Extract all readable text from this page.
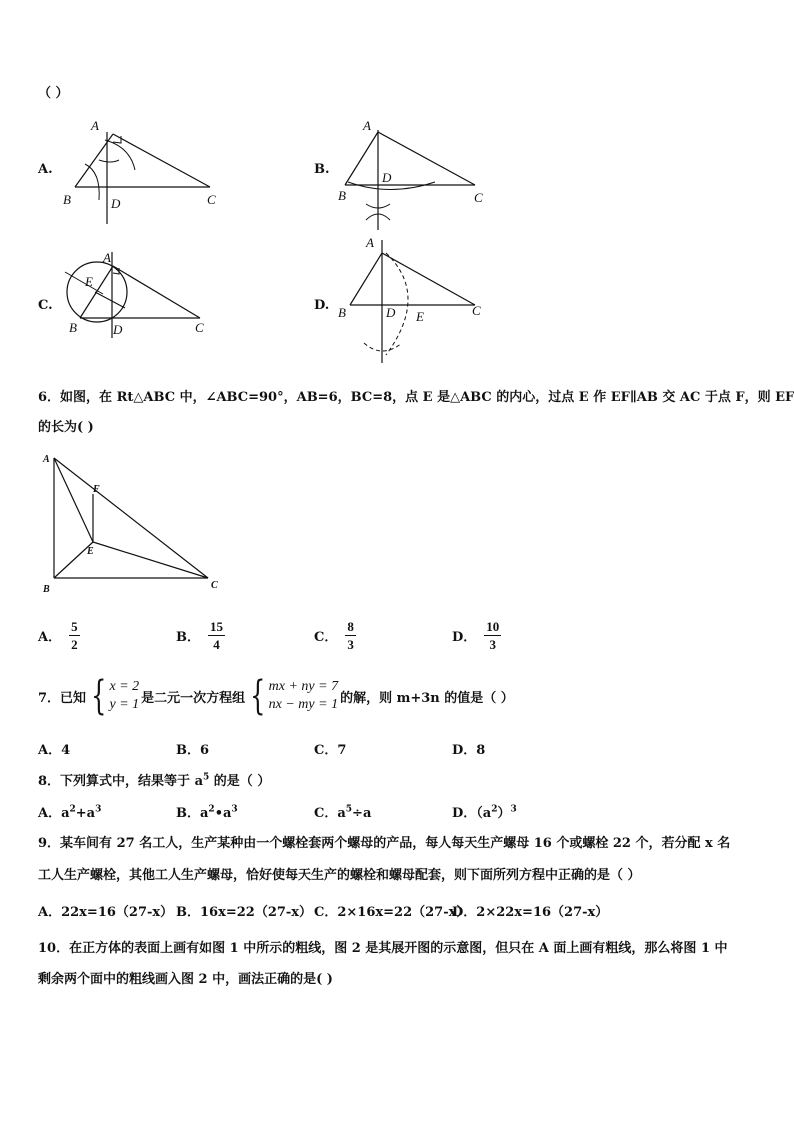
（ ）
A.
A
B	D	C
B.
A
B
D
C
C.
A
E
B	D	C
D.
A
B	D E	C
6．如图，在 Rt△ABC 中，∠ABC=90°，AB=6，BC=8，点 E 是△ABC 的内心，过点 E 作 EF∥AB 交 AC 于点 F，则 EF
的长为( )
A
F
E
B	C
A． $\frac{5}{2}$	B． $\frac{15}{4}$	C． $\frac{8}{3}$	D． $\frac{10}{3}$
7．已知 { x = 2
y = 1 是二元一次方程组 { mx + ny = 7
nx − my = 1 的解，则 m+3n 的值是（ ）
A．4	B．6	C．7	D．8
8．下列算式中，结果等于 $a^5$ 的是（ ）
A．$a^2+a^3$	B．$a^2•a^3$	C．$a^5\div a$	D．$(a^2)^3$
9．某车间有 27 名工人，生产某种由一个螺栓套两个螺母的产品，每人每天生产螺母 16 个或螺栓 22 个，若分配 x 名
工人生产螺栓，其他工人生产螺母，恰好使每天生产的螺栓和螺母配套，则下面所列方程中正确的是（ ）
A．22x=16（27-x） B．16x=22（27-x） C．2×16x=22（27-x）
D．2×22x=16（27-x）
10．在正方体的表面上画有如图 1 中所示的粗线，图 2 是其展开图的示意图，但只在 A 面上画有粗线，那么将图 1 中
剩余两个面中的粗线画入图 2 中，画法正确的是( )
